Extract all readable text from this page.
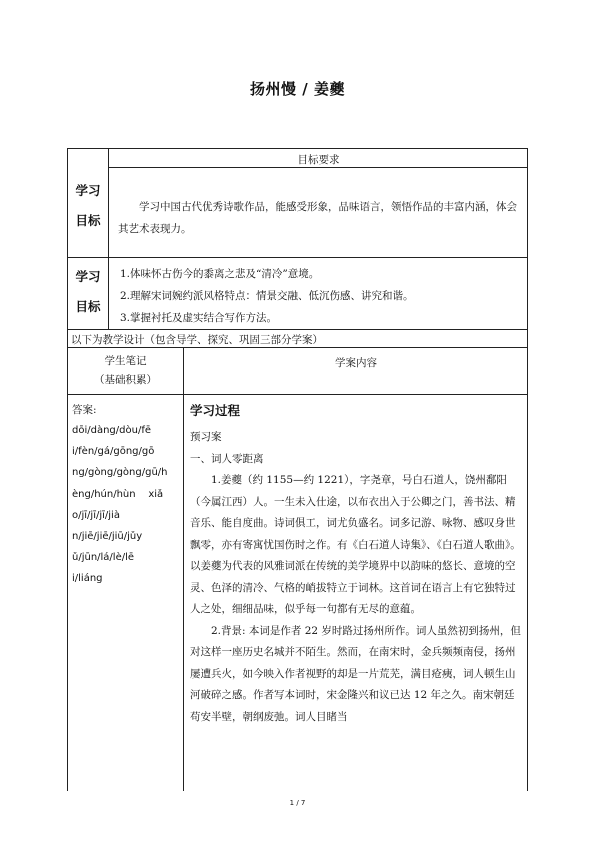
扬州慢 / 姜夔
学习
目标
目标要求
学习中国古代优秀诗歌作品，能感受形象，品味语言，领悟作品的丰富内涵，体会其艺术表现力。
学习
目标
1.体味怀古伤今的黍离之悲及“清冷”意境。
2.理解宋词婉约派风格特点：情景交融、低沉伤感、讲究和谐。
3.掌握衬托及虚实结合写作方法。
以下为教学设计（包含导学、探究、巩固三部分学案）
学生笔记
（基础积累）
学案内容
答案:
dōi/dàng/dòu/fē
i/fèn/gá/gōng/gō
ng/gòng/gòng/gū/h
èng/hún/hùn    xiǎ
o/jī/jī/jī/jià
n/jiē/jiē/jiū/jǔy
ǔ/jūn/lá/lè/lē
i/liáng
学习过程
预习案
一、词人零距离
1.姜夔（约 1155—约 1221），字尧章，号白石道人，饶州鄱阳（今属江西）人。一生未入仕途，以布衣出入于公卿之门，善书法、精音乐、能自度曲。诗词俱工，词尤负盛名。词多记游、咏物、感叹身世飘零，亦有寄寓忧国伤时之作。有《白石道人诗集》、《白石道人歌曲》。以姜夔为代表的风雅词派在传统的美学境界中以韵味的悠长、意境的空灵、色泽的清冷、气格的峭拔特立于词林。这首词在语言上有它独特过人之处，细细品味，似乎每一句都有无尽的意蕴。
2.背景: 本词是作者 22 岁时路过扬州所作。词人虽然初到扬州，但对这样一座历史名城并不陌生。然而，在南宋时，金兵频频南侵，扬州屡遭兵火，如今映入作者视野的却是一片荒芜，满目疮痍，词人顿生山河破碎之感。作者写本词时，宋金隆兴和议已达 12 年之久。南宋朝廷苟安半壁，朝纲废弛。词人目睹当
1 / 7
